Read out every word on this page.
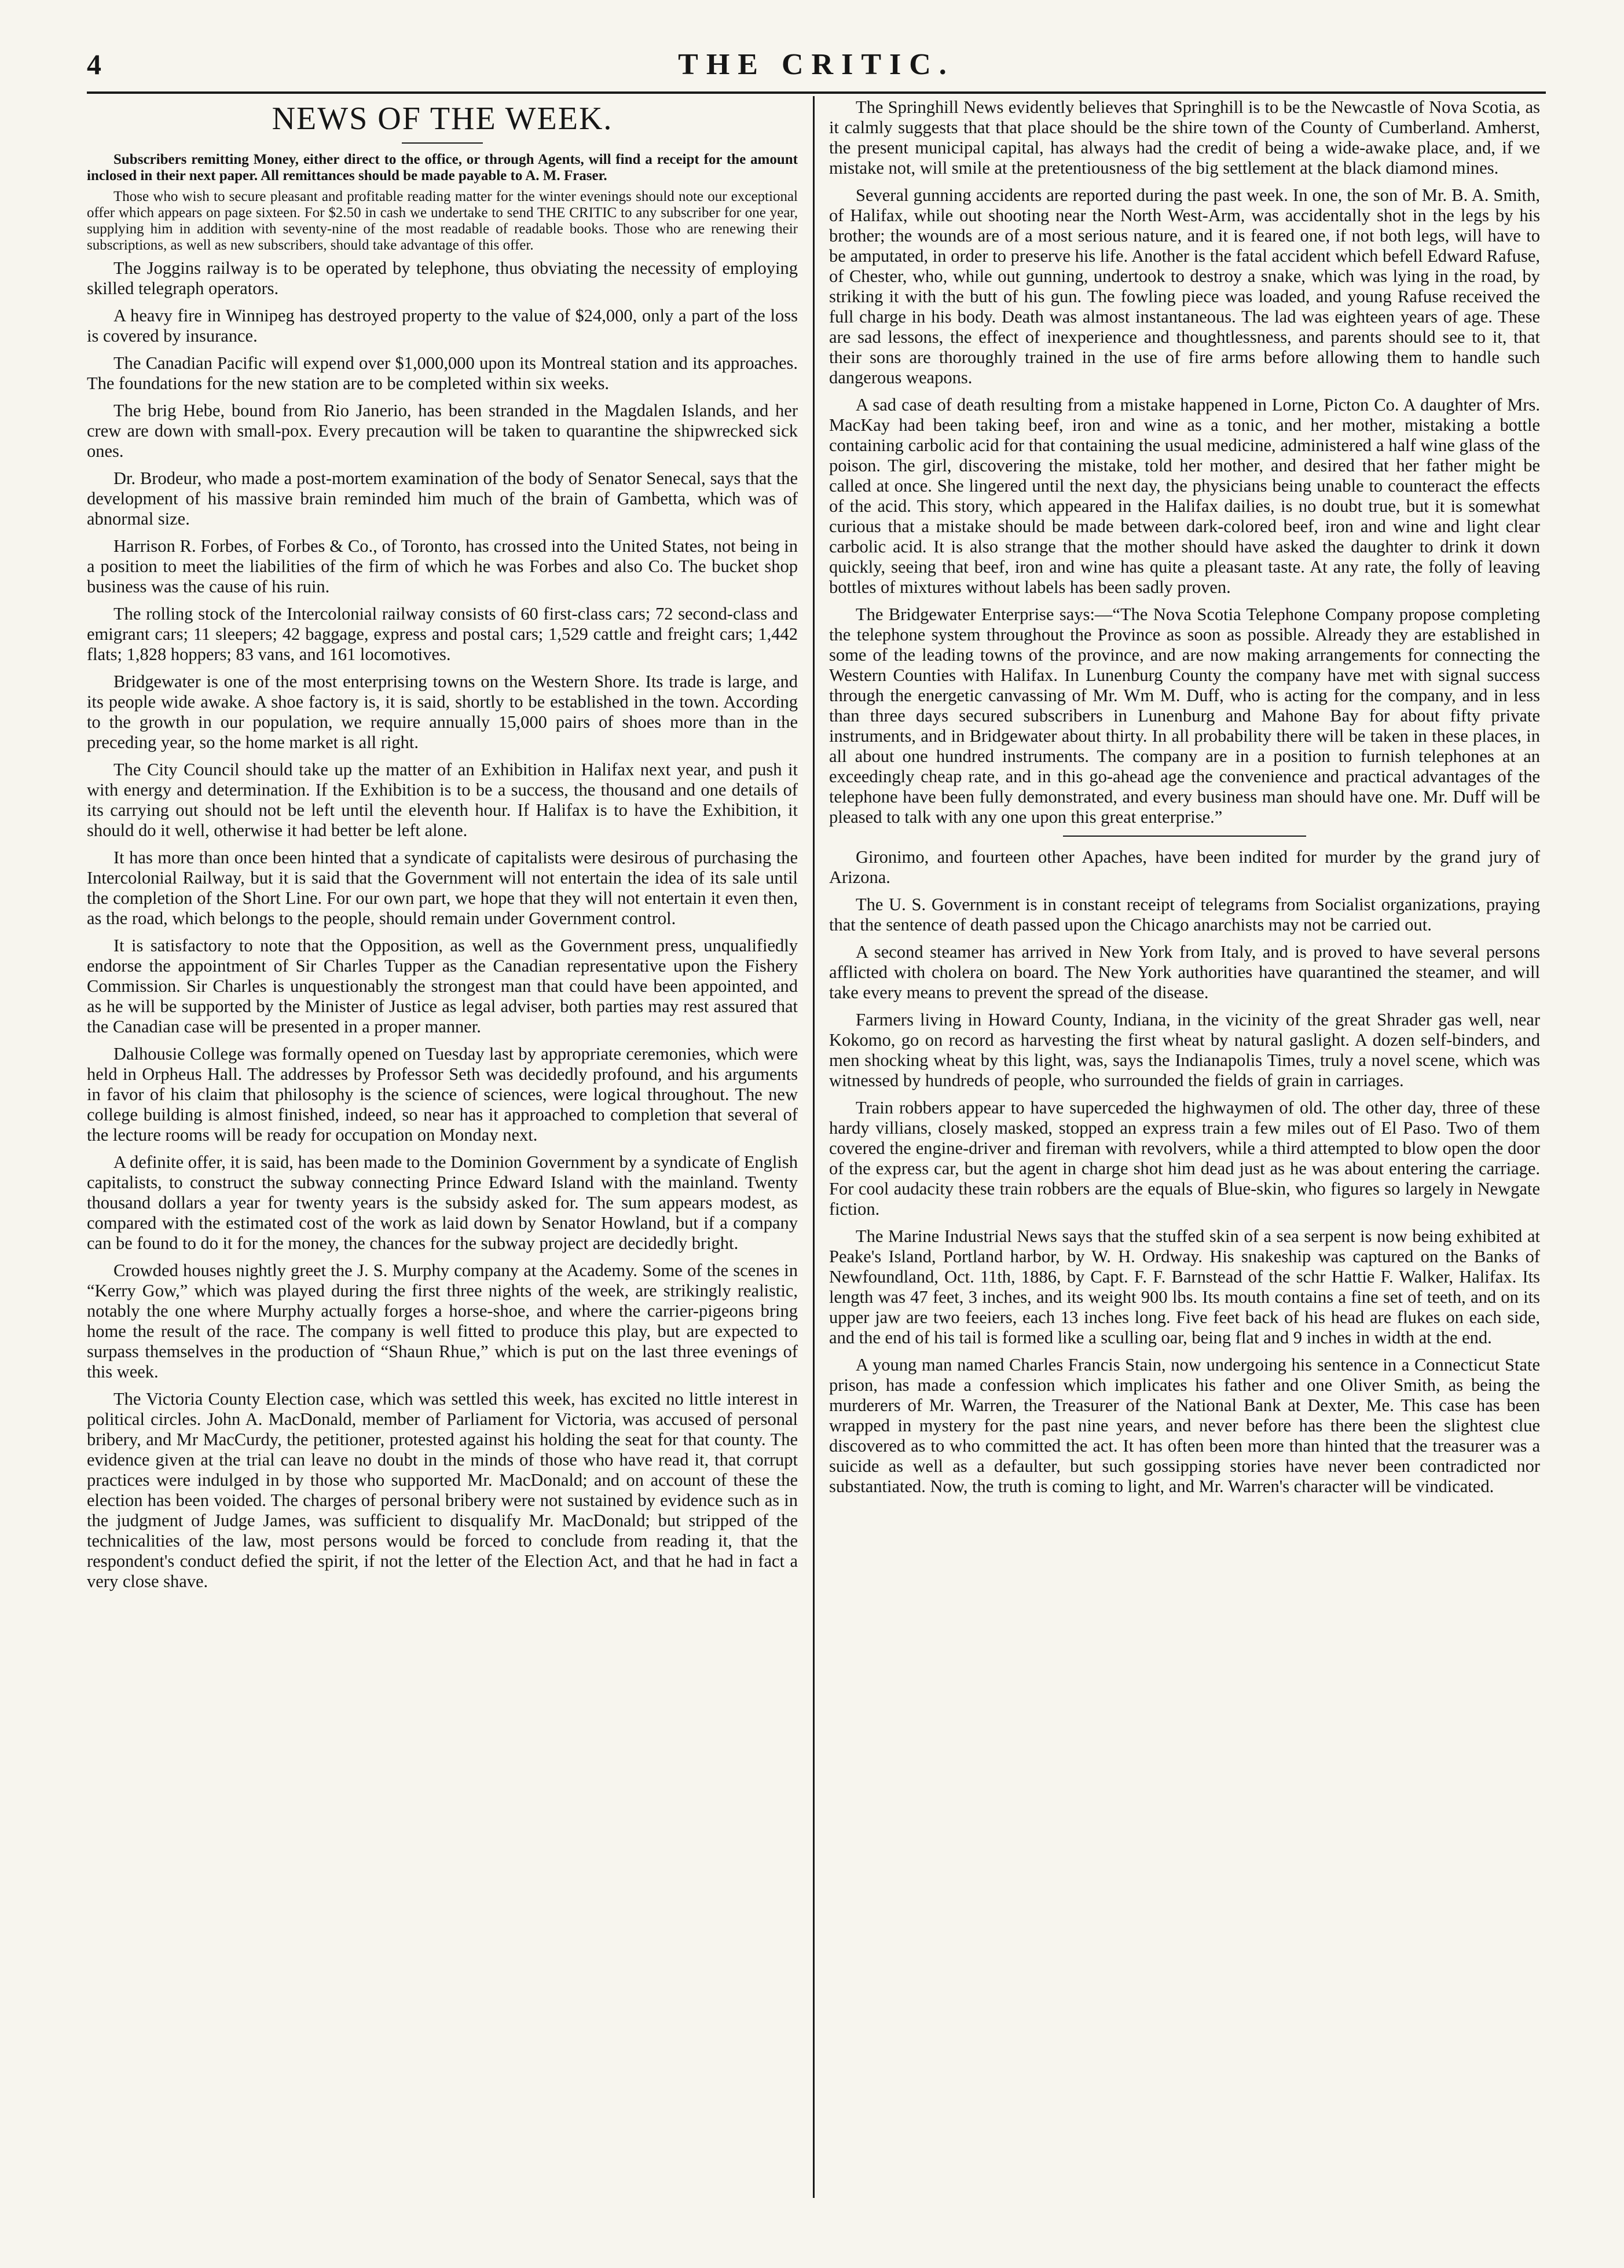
4	THE CRITIC.
NEWS OF THE WEEK.

Subscribers remitting Money, either direct to the office, or through Agents, will find a receipt for the amount inclosed in their next paper. All remittances should be made payable to A. M. Fraser.

Those who wish to secure pleasant and profitable reading matter for the winter evenings should note our exceptional offer which appears on page sixteen. For $2.50 in cash we undertake to send THE CRITIC to any subscriber for one year, supplying him in addition with seventy-nine of the most readable of readable books. Those who are renewing their subscriptions, as well as new subscribers, should take advantage of this offer.

The Joggins railway is to be operated by telephone, thus obviating the necessity of employing skilled telegraph operators.

A heavy fire in Winnipeg has destroyed property to the value of $24,000, only a part of the loss is covered by insurance.

The Canadian Pacific will expend over $1,000,000 upon its Montreal station and its approaches. The foundations for the new station are to be completed within six weeks.

The brig Hebe, bound from Rio Janerio, has been stranded in the Magdalen Islands, and her crew are down with small-pox. Every precaution will be taken to quarantine the shipwrecked sick ones.

Dr. Brodeur, who made a post-mortem examination of the body of Senator Senecal, says that the development of his massive brain reminded him much of the brain of Gambetta, which was of abnormal size.

Harrison R. Forbes, of Forbes & Co., of Toronto, has crossed into the United States, not being in a position to meet the liabilities of the firm of which he was Forbes and also Co. The bucket shop business was the cause of his ruin.

The rolling stock of the Intercolonial railway consists of 60 first-class cars; 72 second-class and emigrant cars; 11 sleepers; 42 baggage, express and postal cars; 1,529 cattle and freight cars; 1,442 flats; 1,828 hoppers; 83 vans, and 161 locomotives.

Bridgewater is one of the most enterprising towns on the Western Shore. Its trade is large, and its people wide awake. A shoe factory is, it is said, shortly to be established in the town. According to the growth in our population, we require annually 15,000 pairs of shoes more than in the preceding year, so the home market is all right.

The City Council should take up the matter of an Exhibition in Halifax next year, and push it with energy and determination. If the Exhibition is to be a success, the thousand and one details of its carrying out should not be left until the eleventh hour. If Halifax is to have the Exhibition, it should do it well, otherwise it had better be left alone.

It has more than once been hinted that a syndicate of capitalists were desirous of purchasing the Intercolonial Railway, but it is said that the Government will not entertain the idea of its sale until the completion of the Short Line. For our own part, we hope that they will not entertain it even then, as the road, which belongs to the people, should remain under Government control.

It is satisfactory to note that the Opposition, as well as the Government press, unqualifiedly endorse the appointment of Sir Charles Tupper as the Canadian representative upon the Fishery Commission. Sir Charles is unquestionably the strongest man that could have been appointed, and as he will be supported by the Minister of Justice as legal adviser, both parties may rest assured that the Canadian case will be presented in a proper manner.

Dalhousie College was formally opened on Tuesday last by appropriate ceremonies, which were held in Orpheus Hall. The addresses by Professor Seth was decidedly profound, and his arguments in favor of his claim that philosophy is the science of sciences, were logical throughout. The new college building is almost finished, indeed, so near has it approached to completion that several of the lecture rooms will be ready for occupation on Monday next.

A definite offer, it is said, has been made to the Dominion Government by a syndicate of English capitalists, to construct the subway connecting Prince Edward Island with the mainland. Twenty thousand dollars a year for twenty years is the subsidy asked for. The sum appears modest, as compared with the estimated cost of the work as laid down by Senator Howland, but if a company can be found to do it for the money, the chances for the subway project are decidedly bright.

Crowded houses nightly greet the J. S. Murphy company at the Academy. Some of the scenes in “Kerry Gow,” which was played during the first three nights of the week, are strikingly realistic, notably the one where Murphy actually forges a horse-shoe, and where the carrier-pigeons bring home the result of the race. The company is well fitted to produce this play, but are expected to surpass themselves in the production of “Shaun Rhue,” which is put on the last three evenings of this week.

The Victoria County Election case, which was settled this week, has excited no little interest in political circles. John A. MacDonald, member of Parliament for Victoria, was accused of personal bribery, and Mr MacCurdy, the petitioner, protested against his holding the seat for that county. The evidence given at the trial can leave no doubt in the minds of those who have read it, that corrupt practices were indulged in by those who supported Mr. MacDonald; and on account of these the election has been voided. The charges of personal bribery were not sustained by evidence such as in the judgment of Judge James, was sufficient to disqualify Mr. MacDonald; but stripped of the technicalities of the law, most persons would be forced to conclude from reading it, that the respondent's conduct defied the spirit, if not the letter of the Election Act, and that he had in fact a very close shave.

The Springhill News evidently believes that Springhill is to be the Newcastle of Nova Scotia, as it calmly suggests that that place should be the shire town of the County of Cumberland. Amherst, the present municipal capital, has always had the credit of being a wide-awake place, and, if we mistake not, will smile at the pretentiousness of the big settlement at the black diamond mines.

Several gunning accidents are reported during the past week. In one, the son of Mr. B. A. Smith, of Halifax, while out shooting near the North West-Arm, was accidentally shot in the legs by his brother; the wounds are of a most serious nature, and it is feared one, if not both legs, will have to be amputated, in order to preserve his life. Another is the fatal accident which befell Edward Rafuse, of Chester, who, while out gunning, undertook to destroy a snake, which was lying in the road, by striking it with the butt of his gun. The fowling piece was loaded, and young Rafuse received the full charge in his body. Death was almost instantaneous. The lad was eighteen years of age. These are sad lessons, the effect of inexperience and thoughtlessness, and parents should see to it, that their sons are thoroughly trained in the use of fire arms before allowing them to handle such dangerous weapons.

A sad case of death resulting from a mistake happened in Lorne, Picton Co. A daughter of Mrs. MacKay had been taking beef, iron and wine as a tonic, and her mother, mistaking a bottle containing carbolic acid for that containing the usual medicine, administered a half wine glass of the poison. The girl, discovering the mistake, told her mother, and desired that her father might be called at once. She lingered until the next day, the physicians being unable to counteract the effects of the acid. This story, which appeared in the Halifax dailies, is no doubt true, but it is somewhat curious that a mistake should be made between dark-colored beef, iron and wine and light clear carbolic acid. It is also strange that the mother should have asked the daughter to drink it down quickly, seeing that beef, iron and wine has quite a pleasant taste. At any rate, the folly of leaving bottles of mixtures without labels has been sadly proven.

The Bridgewater Enterprise says:—“The Nova Scotia Telephone Company propose completing the telephone system throughout the Province as soon as possible. Already they are established in some of the leading towns of the province, and are now making arrangements for connecting the Western Counties with Halifax. In Lunenburg County the company have met with signal success through the energetic canvassing of Mr. Wm M. Duff, who is acting for the company, and in less than three days secured subscribers in Lunenburg and Mahone Bay for about fifty private instruments, and in Bridgewater about thirty. In all probability there will be taken in these places, in all about one hundred instruments. The company are in a position to furnish telephones at an exceedingly cheap rate, and in this go-ahead age the convenience and practical advantages of the telephone have been fully demonstrated, and every business man should have one. Mr. Duff will be pleased to talk with any one upon this great enterprise.”

Gironimo, and fourteen other Apaches, have been indited for murder by the grand jury of Arizona.

The U. S. Government is in constant receipt of telegrams from Socialist organizations, praying that the sentence of death passed upon the Chicago anarchists may not be carried out.

A second steamer has arrived in New York from Italy, and is proved to have several persons afflicted with cholera on board. The New York authorities have quarantined the steamer, and will take every means to prevent the spread of the disease.

Farmers living in Howard County, Indiana, in the vicinity of the great Shrader gas well, near Kokomo, go on record as harvesting the first wheat by natural gaslight. A dozen self-binders, and men shocking wheat by this light, was, says the Indianapolis Times, truly a novel scene, which was witnessed by hundreds of people, who surrounded the fields of grain in carriages.

Train robbers appear to have superceded the highwaymen of old. The other day, three of these hardy villians, closely masked, stopped an express train a few miles out of El Paso. Two of them covered the engine-driver and fireman with revolvers, while a third attempted to blow open the door of the express car, but the agent in charge shot him dead just as he was about entering the carriage. For cool audacity these train robbers are the equals of Blue-skin, who figures so largely in Newgate fiction.

The Marine Industrial News says that the stuffed skin of a sea serpent is now being exhibited at Peake's Island, Portland harbor, by W. H. Ordway. His snakeship was captured on the Banks of Newfoundland, Oct. 11th, 1886, by Capt. F. F. Barnstead of the schr Hattie F. Walker, Halifax. Its length was 47 feet, 3 inches, and its weight 900 lbs. Its mouth contains a fine set of teeth, and on its upper jaw are two feeiers, each 13 inches long. Five feet back of his head are flukes on each side, and the end of his tail is formed like a sculling oar, being flat and 9 inches in width at the end.

A young man named Charles Francis Stain, now undergoing his sentence in a Connecticut State prison, has made a confession which implicates his father and one Oliver Smith, as being the murderers of Mr. Warren, the Treasurer of the National Bank at Dexter, Me. This case has been wrapped in mystery for the past nine years, and never before has there been the slightest clue discovered as to who committed the act. It has often been more than hinted that the treasurer was a suicide as well as a defaulter, but such gossipping stories have never been contradicted nor substantiated. Now, the truth is coming to light, and Mr. Warren's character will be vindicated.
